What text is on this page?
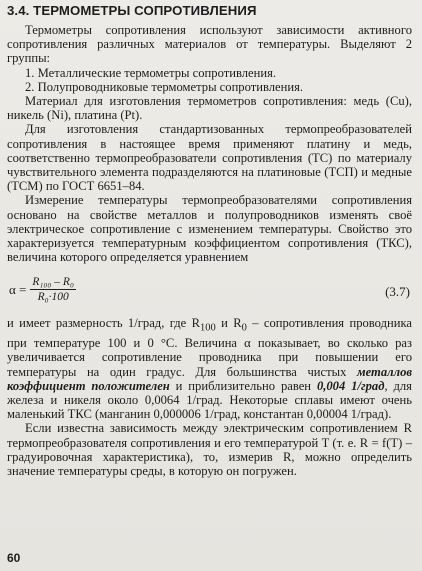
3.4. ТЕРМОМЕТРЫ СОПРОТИВЛЕНИЯ

Термометры сопротивления используют зависимости активного сопротивления различных материалов от температуры. Выделяют 2 группы:

1. Металлические термометры сопротивления.

2. Полупроводниковые термометры сопротивления.

Материал для изготовления термометров сопротивления: медь (Cu), никель (Ni), платина (Pt).

Для изготовления стандартизованных термопреобразователей сопротивления в настоящее время применяют платину и медь, соответственно термопреобразователи сопротивления (ТС) по материалу чувствительного элемента подразделяются на платиновые (ТСП) и медные (ТСМ) по ГОСТ 6651–84.

Измерение температуры термопреобразователями сопротивления основано на свойстве металлов и полупроводников изменять своё электрическое сопротивление с изменением температуры. Свойство это характеризуется температурным коэффициентом сопротивления (ТКС), величина которого определяется уравнением

$\alpha = \frac{\text{R₁₀₀ – R₀}}{\text{R₀·100}}$	(3.7)

и имеет размерность 1/град, где $R_{100}$ и $R_0$ – сопротивления проводника при температуре 100 и 0 °С. Величина α показывает, во сколько раз увеличивается сопротивление проводника при повышении его температуры на один градус. Для большинства чистых металлов коэффициент положителен и приблизительно равен 0,004 1/град, для железа и никеля около 0,0064 1/град. Некоторые сплавы имеют очень маленький ТКС (манганин 0,000006 1/град, константан 0,00004 1/град).

Если известна зависимость между электрическим сопротивлением R термопреобразователя сопротивления и его температурой T (т. е. R = f(T) – градуировочная характеристика), то, измерив R, можно определить значение температуры среды, в которую он погружен.

60
